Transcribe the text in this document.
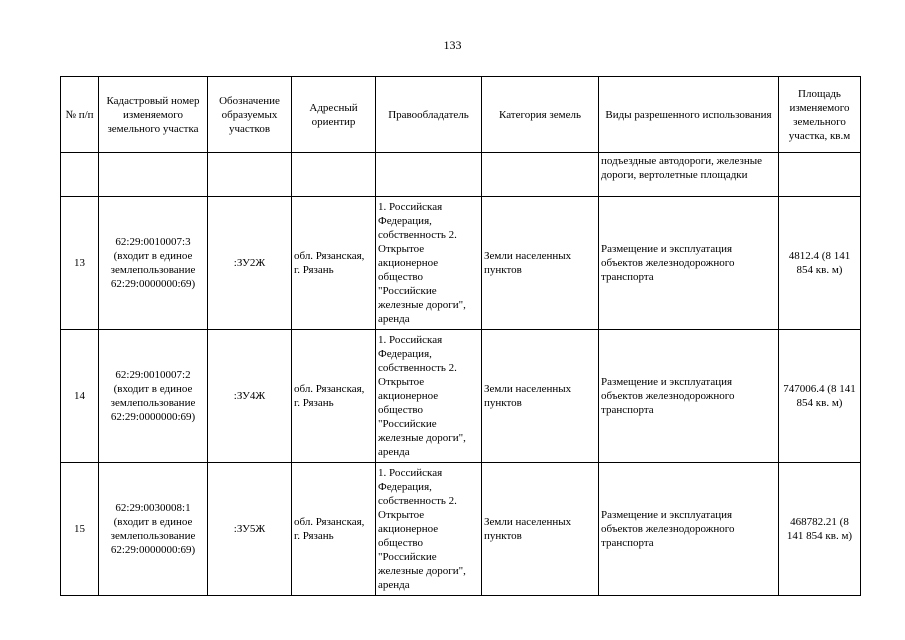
133
№ п/п	Кадастровый номер изменяемого земельного участка	Обозначение образуемых участков	Адресный ориентир	Правообладатель	Категория земель	Виды разрешенного использования	Площадь изменяемого земельного участка, кв.м
						подъездные автодороги, железные дороги, вертолетные площадки	
13	62:29:0010007:3 (входит в единое землепользование 62:29:0000000:69)	:ЗУ2Ж	обл. Рязанская, г. Рязань	1. Российская Федерация, собственность 2. Открытое акционерное общество "Российские железные дороги", аренда	Земли населенных пунктов	Размещение и эксплуатация объектов железнодорожного транспорта	4812.4 (8 141 854 кв. м)
14	62:29:0010007:2 (входит в единое землепользование 62:29:0000000:69)	:ЗУ4Ж	обл. Рязанская, г. Рязань	1. Российская Федерация, собственность 2. Открытое акционерное общество "Российские железные дороги", аренда	Земли населенных пунктов	Размещение и эксплуатация объектов железнодорожного транспорта	747006.4 (8 141 854 кв. м)
15	62:29:0030008:1 (входит в единое землепользование 62:29:0000000:69)	:ЗУ5Ж	обл. Рязанская, г. Рязань	1. Российская Федерация, собственность 2. Открытое акционерное общество "Российские железные дороги", аренда	Земли населенных пунктов	Размещение и эксплуатация объектов железнодорожного транспорта	468782.21 (8 141 854 кв. м)
